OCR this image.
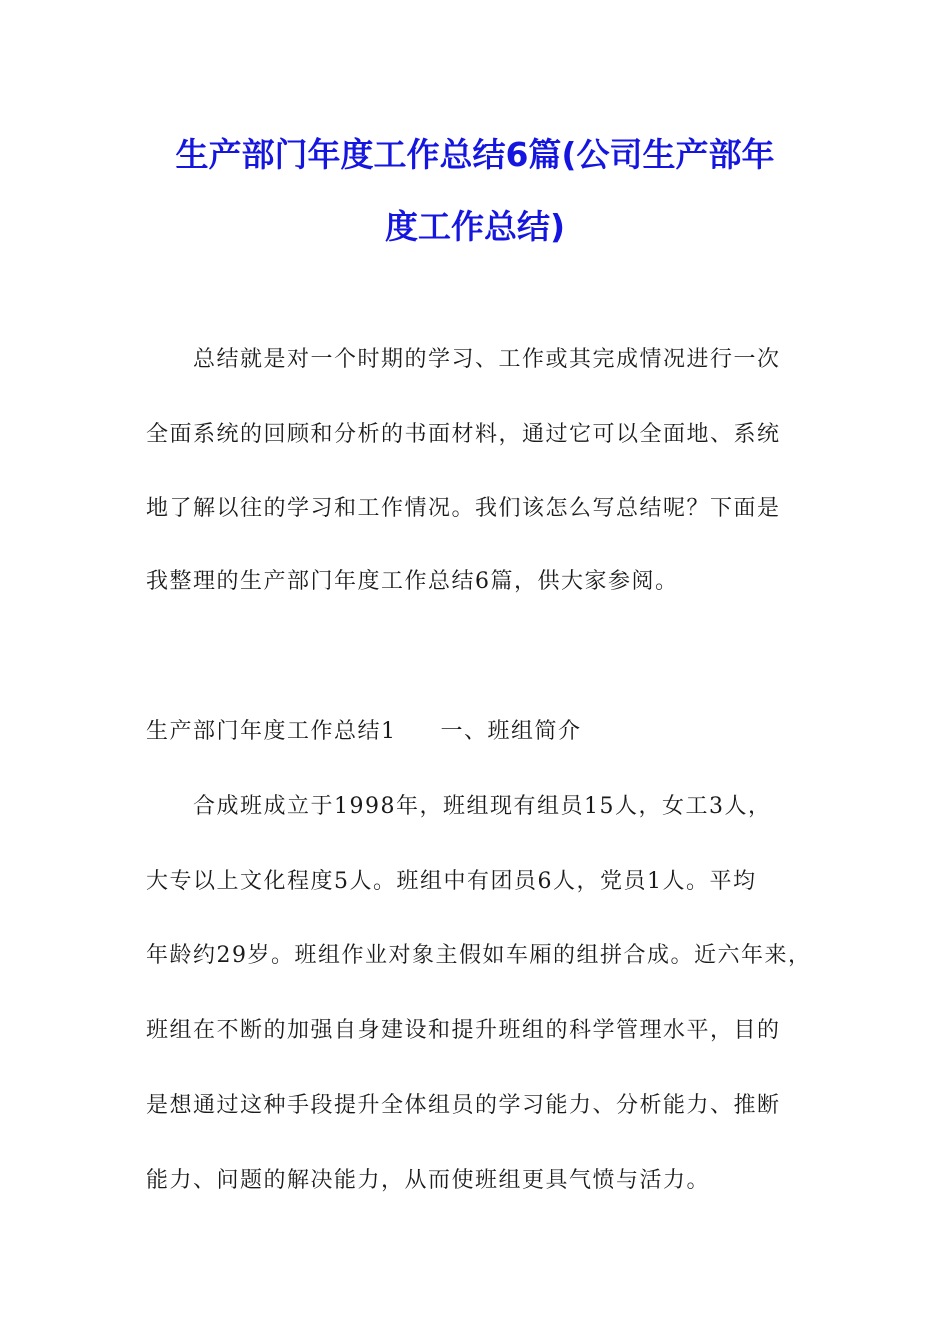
生产部门年度工作总结6篇(公司生产部年
度工作总结)
总结就是对一个时期的学习、工作或其完成情况进行一次
全面系统的回顾和分析的书面材料，通过它可以全面地、系统
地了解以往的学习和工作情况。我们该怎么写总结呢？下面是
我整理的生产部门年度工作总结6篇，供大家参阅。
生产部门年度工作总结1 一、班组简介
合成班成立于1998年，班组现有组员15人，女工3人，
大专以上文化程度5人。班组中有团员6人，党员1人。平均
年龄约29岁。班组作业对象主假如车厢的组拼合成。近六年来，
班组在不断的加强自身建设和提升班组的科学管理水平，目的
是想通过这种手段提升全体组员的学习能力、分析能力、推断
能力、问题的解决能力，从而使班组更具气愤与活力。
